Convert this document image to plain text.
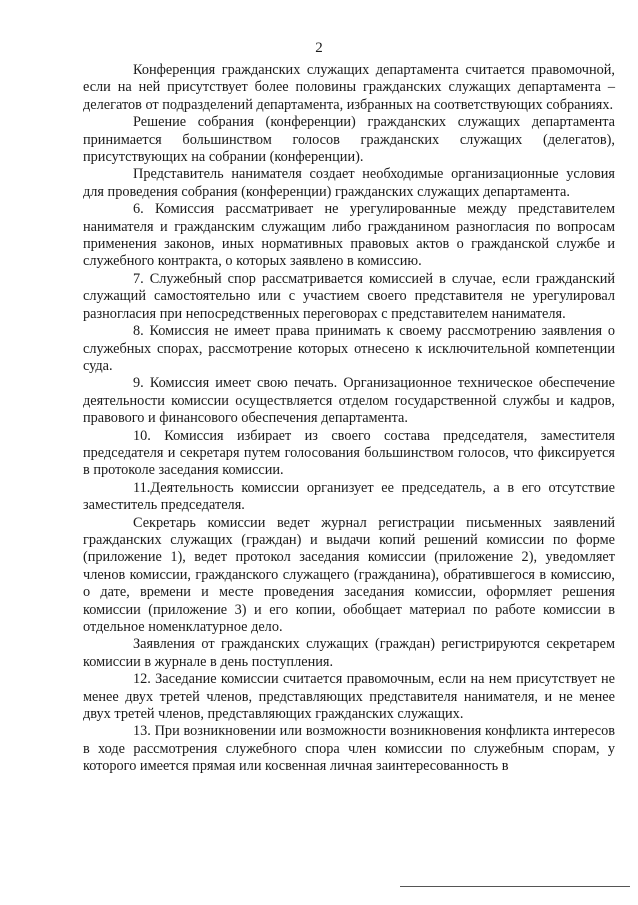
2

Конференция гражданских служащих департамента считается правомочной, если на ней присутствует более половины гражданских служащих департамента – делегатов от подразделений департамента, избранных на соответствующих собраниях.

Решение собрания (конференции) гражданских служащих департамента принимается большинством голосов гражданских служащих (делегатов), присутствующих на собрании (конференции).

Представитель нанимателя создает необходимые организационные условия для проведения собрания (конференции) гражданских служащих департамента.

6. Комиссия рассматривает не урегулированные между представителем нанимателя и гражданским служащим либо гражданином разногласия по вопросам применения законов, иных нормативных правовых актов о гражданской службе и служебного контракта, о которых заявлено в комиссию.

7. Служебный спор рассматривается комиссией в случае, если гражданский служащий самостоятельно или с участием своего представителя не урегулировал разногласия при непосредственных переговорах с представителем нанимателя.

8. Комиссия не имеет права принимать к своему рассмотрению заявления о служебных спорах, рассмотрение которых отнесено к исключительной компетенции суда.

9. Комиссия имеет свою печать. Организационное техническое обеспечение деятельности комиссии осуществляется отделом государственной службы и кадров, правового и финансового обеспечения департамента.

10. Комиссия избирает из своего состава председателя, заместителя председателя и секретаря путем голосования большинством голосов, что фиксируется в протоколе заседания комиссии.

11.Деятельность комиссии организует ее председатель, а в его отсутствие заместитель председателя.

Секретарь комиссии ведет журнал регистрации письменных заявлений гражданских служащих (граждан) и выдачи копий решений комиссии по форме (приложение 1), ведет протокол заседания комиссии (приложение 2), уведомляет членов комиссии, гражданского служащего (гражданина), обратившегося в комиссию, о дате, времени и месте проведения заседания комиссии, оформляет решения комиссии (приложение 3) и его копии, обобщает материал по работе комиссии в отдельное номенклатурное дело.

Заявления от гражданских служащих (граждан) регистрируются секретарем комиссии в журнале в день поступления.

12. Заседание комиссии считается правомочным, если на нем присутствует не менее двух третей членов, представляющих представителя нанимателя, и не менее двух третей членов, представляющих гражданских служащих.

13. При возникновении или возможности возникновения конфликта интересов в ходе рассмотрения служебного спора член комиссии по служебным спорам, у которого имеется прямая или косвенная личная заинтересованность в
